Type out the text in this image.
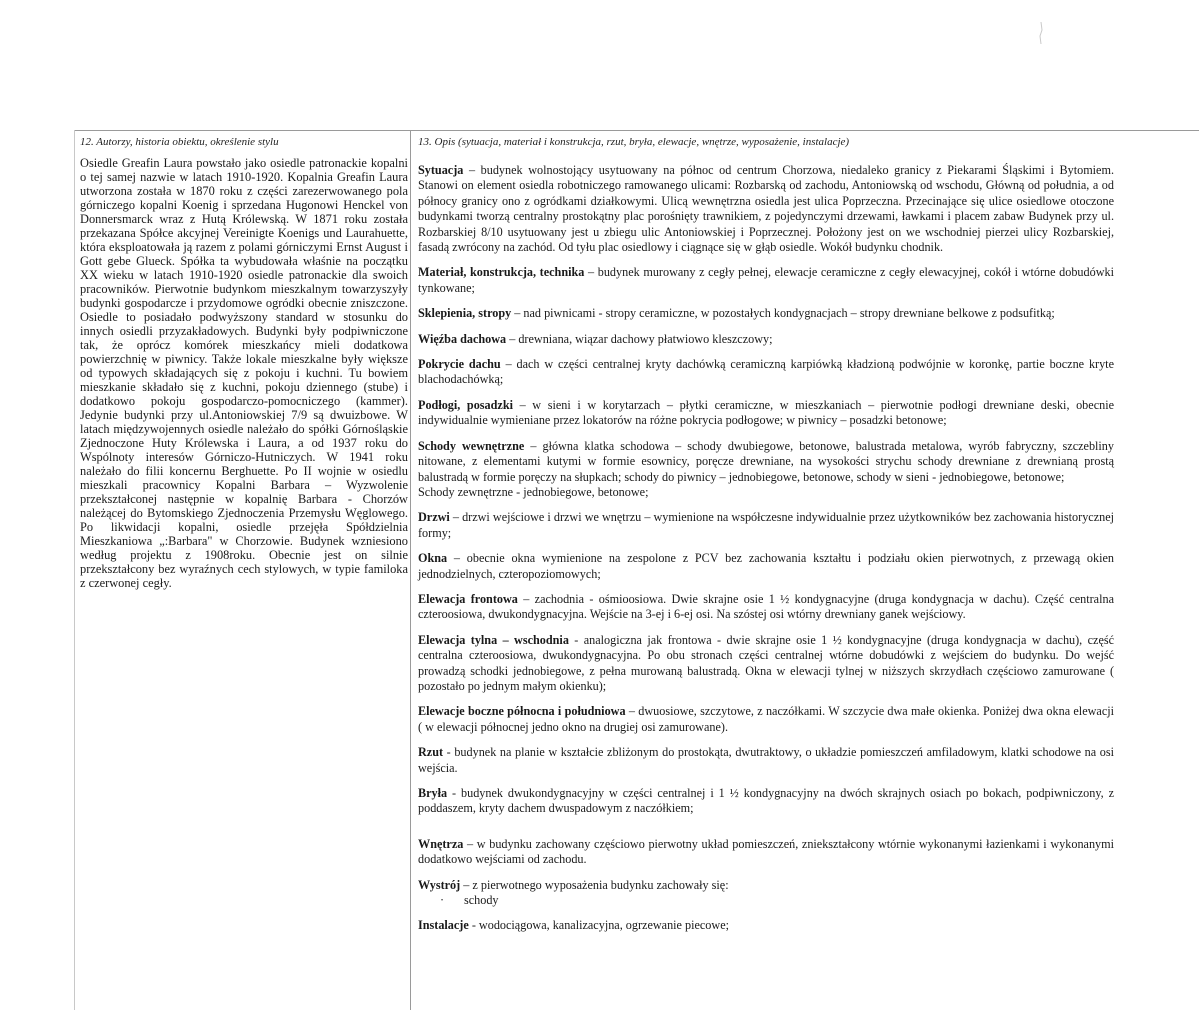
12. Autorzy, historia obiektu, określenie stylu	13. Opis (sytuacja, materiał i konstrukcja, rzut, bryła, elewacje, wnętrze, wyposażenie, instalacje)
Osiedle Greafin Laura powstało jako osiedle patronackie kopalni o tej samej nazwie w latach 1910-1920. Kopalnia Greafin Laura utworzona została w 1870 roku z części zarezerwowanego pola górniczego kopalni Koenig i sprzedana Hugonowi Henckel von Donnersmarck wraz z Hutą Królewską. W 1871 roku została przekazana Spółce akcyjnej Vereinigte Koenigs und Laurahuette, która eksploatowała ją razem z polami górniczymi Ernst August i Gott gebe Glueck. Spółka ta wybudowała właśnie na początku XX wieku w latach 1910-1920 osiedle patronackie dla swoich pracowników. Pierwotnie budynkom mieszkalnym towarzyszyły budynki gospodarcze i przydomowe ogródki obecnie zniszczone. Osiedle to posiadało podwyższony standard w stosunku do innych osiedli przyzakładowych. Budynki były podpiwniczone tak, że oprócz komórek mieszkańcy mieli dodatkowa powierzchnię w piwnicy. Także lokale mieszkalne były większe od typowych składających się z pokoju i kuchni. Tu bowiem mieszkanie składało się z kuchni, pokoju dziennego (stube) i dodatkowo pokoju gospodarczo-pomocniczego (kammer). Jedynie budynki przy ul.Antoniowskiej 7/9 są dwuizbowe. W latach międzywojennych osiedle należało do spółki Górnośląskie Zjednoczone Huty Królewska i Laura, a od 1937 roku do Wspólnoty interesów Górniczo-Hutniczych. W 1941 roku należało do filii koncernu Berghuette. Po II wojnie w osiedlu mieszkali pracownicy Kopalni Barbara – Wyzwolenie przekształconej następnie w kopalnię Barbara - Chorzów należącej do Bytomskiego Zjednoczenia Przemysłu Węglowego. Po likwidacji kopalni, osiedle przejęła Spółdzielnia Mieszkaniowa „:Barbara" w Chorzowie. Budynek wzniesiono według projektu z 1908roku. Obecnie jest on silnie przekształcony bez wyraźnych cech stylowych, w typie familoka z czerwonej cegły.
Sytuacja – budynek wolnostojący usytuowany na północ od centrum Chorzowa, niedaleko granicy z Piekarami Śląskimi i Bytomiem. Stanowi on element osiedla robotniczego ramowanego ulicami: Rozbarską od zachodu, Antoniowską od wschodu, Główną od południa, a od północy granicy ono z ogródkami działkowymi. Ulicą wewnętrzna osiedla jest ulica Poprzeczna. Przecinające się ulice osiedlowe otoczone budynkami tworzą centralny prostokątny plac porośnięty trawnikiem, z pojedynczymi drzewami, ławkami i placem zabaw Budynek przy ul. Rozbarskiej 8/10 usytuowany jest u zbiegu ulic Antoniowskiej i Poprzecznej. Położony jest on we wschodniej pierzei ulicy Rozbarskiej, fasadą zwrócony na zachód. Od tyłu plac osiedlowy i ciągnące się w głąb osiedle. Wokół budynku chodnik.
Materiał, konstrukcja, technika – budynek murowany z cegły pełnej, elewacje ceramiczne z cegły elewacyjnej, cokół i wtórne dobudówki tynkowane;
Sklepienia, stropy – nad piwnicami - stropy ceramiczne, w pozostałych kondygnacjach – stropy drewniane belkowe z podsufitką;
Więźba dachowa – drewniana, wiązar dachowy płatwiowo kleszczowy;
Pokrycie dachu – dach w części centralnej kryty dachówką ceramiczną karpiówką kładzioną podwójnie w koronkę, partie boczne kryte blachodachówką;
Podłogi, posadzki – w sieni i w korytarzach – płytki ceramiczne, w mieszkaniach – pierwotnie podłogi drewniane deski, obecnie indywidualnie wymieniane przez lokatorów na różne pokrycia podłogowe; w piwnicy – posadzki betonowe;
Schody wewnętrzne – główna klatka schodowa – schody dwubiegowe, betonowe, balustrada metalowa, wyrób fabryczny, szczebliny nitowane, z elementami kutymi w formie esownicy, poręcze drewniane, na wysokości strychu schody drewniane z drewnianą prostą balustradą w formie poręczy na słupkach; schody do piwnicy – jednobiegowe, betonowe, schody w sieni - jednobiegowe, betonowe;
Schody zewnętrzne - jednobiegowe, betonowe;
Drzwi – drzwi wejściowe i drzwi we wnętrzu – wymienione na współczesne indywidualnie przez użytkowników bez zachowania historycznej formy;
Okna – obecnie okna wymienione na zespolone z PCV bez zachowania kształtu i podziału okien pierwotnych, z przewagą okien jednodzielnych, czteropoziomowych;
Elewacja frontowa – zachodnia - ośmioosiowa. Dwie skrajne osie 1 ½ kondygnacyjne (druga kondygnacja w dachu). Część centralna czteroosiowa, dwukondygnacyjna. Wejście na 3-ej i 6-ej osi. Na szóstej osi wtórny drewniany ganek wejściowy.
Elewacja tylna – wschodnia - analogiczna jak frontowa - dwie skrajne osie 1 ½ kondygnacyjne (druga kondygnacja w dachu), część centralna czteroosiowa, dwukondygnacyjna. Po obu stronach części centralnej wtórne dobudówki z wejściem do budynku. Do wejść prowadzą schodki jednobiegowe, z pełna murowaną balustradą. Okna w elewacji tylnej w niższych skrzydłach częściowo zamurowane ( pozostało po jednym małym okienku);
Elewacje boczne północna i południowa – dwuosiowe, szczytowe, z naczółkami. W szczycie dwa małe okienka. Poniżej dwa okna elewacji ( w elewacji północnej jedno okno na drugiej osi zamurowane).
Rzut - budynek na planie w kształcie zbliżonym do prostokąta, dwutraktowy, o układzie pomieszczeń amfiladowym, klatki schodowe na osi wejścia.
Bryła - budynek dwukondygnacyjny w części centralnej i 1 ½ kondygnacyjny na dwóch skrajnych osiach po bokach, podpiwniczony, z poddaszem, kryty dachem dwuspadowym z naczółkiem;
Wnętrza – w budynku zachowany częściowo pierwotny układ pomieszczeń, zniekształcony wtórnie wykonanymi łazienkami i wykonanymi dodatkowo wejściami od zachodu.
Wystrój – z pierwotnego wyposażenia budynku zachowały się:
· schody
Instalacje - wodociągowa, kanalizacyjna, ogrzewanie piecowe;
